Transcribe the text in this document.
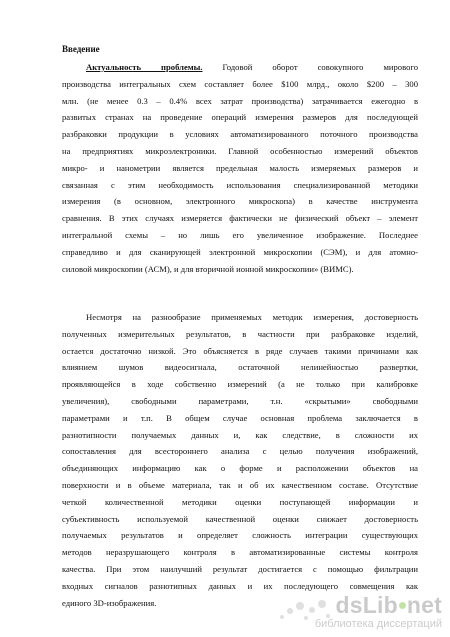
Введение
Актуальность проблемы. Годовой оборот совокупного мирового
производства интегральных схем составляет более $100 млрд., около $200 – 300
млн. (не менее 0.3 – 0.4% всех затрат производства) затрачивается ежегодно в
развитых странах на проведение операций измерения размеров для последующей
разбраковки продукции в условиях автоматизированного поточного производства
на предприятиях микроэлектроники. Главной особенностью измерений объектов
микро- и нанометрии является предельная малость измеряемых размеров и
связанная с этим необходимость использования специализированной методики
измерения (в основном, электронного микроскопа) в качестве инструмента
сравнения. В этих случаях измеряется фактически не физический объект – элемент
интегральной схемы – но лишь его увеличенное изображение. Последнее
справедливо и для сканирующей электронной микроскопии (СЭМ), и для атомно-
силовой микроскопии (АСМ), и для вторичной ионной микроскопии» (ВИМС).
Несмотря на разнообразие применяемых методик измерения, достоверность
полученных измерительных результатов, в частности при разбраковке изделий,
остается достаточно низкой. Это объясняется в ряде случаев такими причинами как
влиянием шумов видеосигнала, остаточной нелинейностью развертки,
проявляющейся в ходе собственно измерений (а не только при калибровке
увеличения), свободными параметрами, т.н. «скрытыми» свободными
параметрами и т.п. В общем случае основная проблема заключается в
разнотипности получаемых данных и, как следствие, в сложности их
сопоставления для всестороннего анализа с целью получения изображений,
объединяющих информацию как о форме и расположении объектов на
поверхности и в объеме материала, так и об их качественном составе. Отсутствие
четкой количественной методики оценки поступающей информации и
субъективность используемой качественной оценки снижает достоверность
получаемых результатов и определяет сложность интеграции существующих
методов неразрушающего контроля в автоматизированные системы контроля
качества. При этом наилучший результат достигается с помощью фильтрации
входных сигналов разнотипных данных и их последующего совмещения как
единого 3D-изображения.	dsLib net
библиотека диссертаций
